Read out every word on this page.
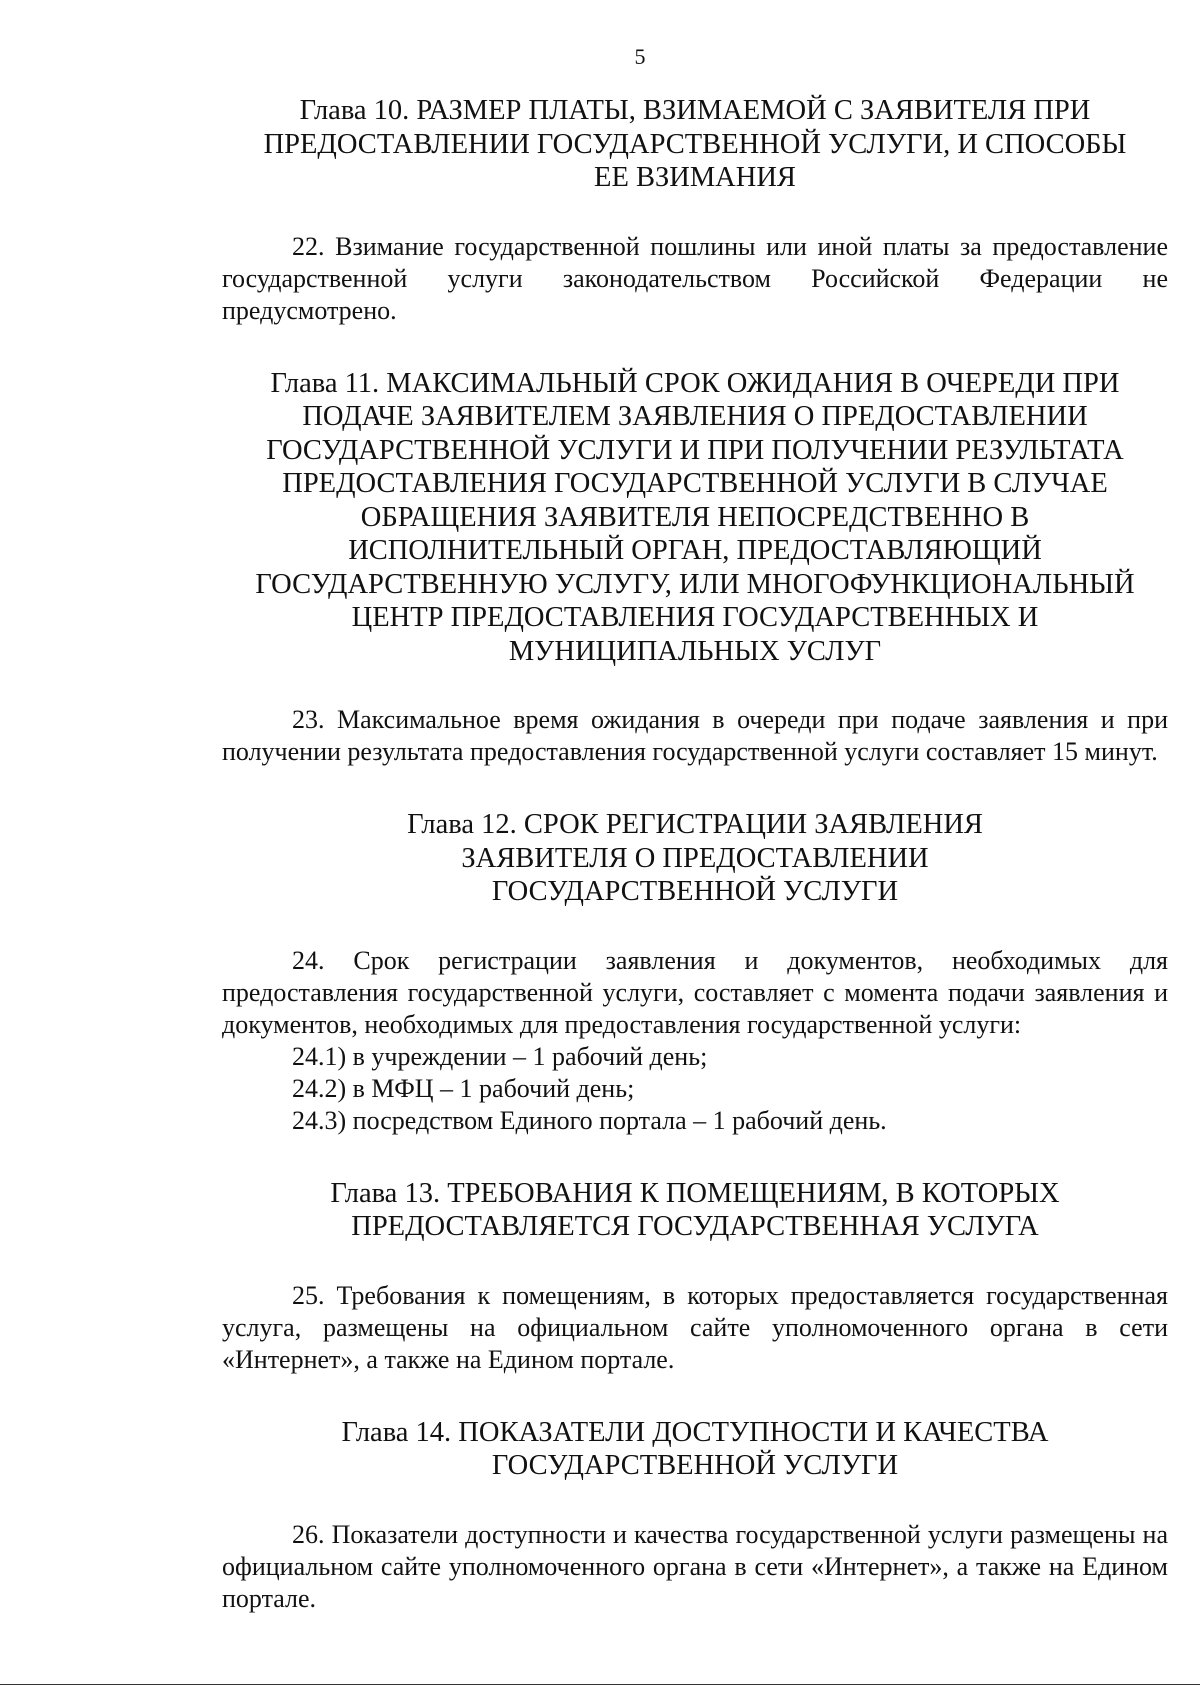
5
Глава 10. РАЗМЕР ПЛАТЫ, ВЗИМАЕМОЙ С ЗАЯВИТЕЛЯ ПРИ ПРЕДОСТАВЛЕНИИ ГОСУДАРСТВЕННОЙ УСЛУГИ, И СПОСОБЫ ЕЕ ВЗИМАНИЯ

22. Взимание государственной пошлины или иной платы за предоставление государственной услуги законодательством Российской Федерации не предусмотрено.

Глава 11. МАКСИМАЛЬНЫЙ СРОК ОЖИДАНИЯ В ОЧЕРЕДИ ПРИ ПОДАЧЕ ЗАЯВИТЕЛЕМ ЗАЯВЛЕНИЯ О ПРЕДОСТАВЛЕНИИ ГОСУДАРСТВЕННОЙ УСЛУГИ И ПРИ ПОЛУЧЕНИИ РЕЗУЛЬТАТА ПРЕДОСТАВЛЕНИЯ ГОСУДАРСТВЕННОЙ УСЛУГИ В СЛУЧАЕ ОБРАЩЕНИЯ ЗАЯВИТЕЛЯ НЕПОСРЕДСТВЕННО В ИСПОЛНИТЕЛЬНЫЙ ОРГАН, ПРЕДОСТАВЛЯЮЩИЙ ГОСУДАРСТВЕННУЮ УСЛУГУ, ИЛИ МНОГОФУНКЦИОНАЛЬНЫЙ ЦЕНТР ПРЕДОСТАВЛЕНИЯ ГОСУДАРСТВЕННЫХ И МУНИЦИПАЛЬНЫХ УСЛУГ

23. Максимальное время ожидания в очереди при подаче заявления и при получении результата предоставления государственной услуги составляет 15 минут.

Глава 12. СРОК РЕГИСТРАЦИИ ЗАЯВЛЕНИЯ ЗАЯВИТЕЛЯ О ПРЕДОСТАВЛЕНИИ ГОСУДАРСТВЕННОЙ УСЛУГИ

24. Срок регистрации заявления и документов, необходимых для предоставления государственной услуги, составляет с момента подачи заявления и документов, необходимых для предоставления государственной услуги:

24.1) в учреждении – 1 рабочий день;

24.2) в МФЦ – 1 рабочий день;

24.3) посредством Единого портала – 1 рабочий день.

Глава 13. ТРЕБОВАНИЯ К ПОМЕЩЕНИЯМ, В КОТОРЫХ ПРЕДОСТАВЛЯЕТСЯ ГОСУДАРСТВЕННАЯ УСЛУГА

25. Требования к помещениям, в которых предоставляется государственная услуга, размещены на официальном сайте уполномоченного органа в сети «Интернет», а также на Едином портале.

Глава 14. ПОКАЗАТЕЛИ ДОСТУПНОСТИ И КАЧЕСТВА ГОСУДАРСТВЕННОЙ УСЛУГИ

26. Показатели доступности и качества государственной услуги размещены на официальном сайте уполномоченного органа в сети «Интернет», а также на Едином портале.
